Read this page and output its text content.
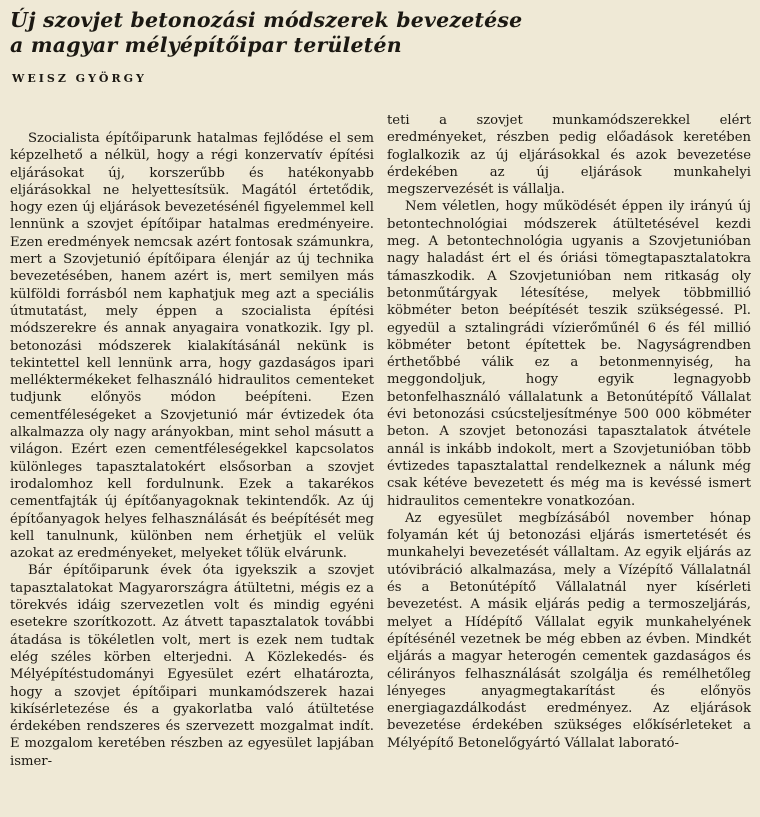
Új szovjet betonozási módszerek bevezetése
a magyar mélyépítőipar területén
WEISZ GYÖRGY

Szocialista építőiparunk hatalmas fejlődése el sem képzelhető a nélkül, hogy a régi konzervatív építési eljárásokat új, korszerűbb és hatékonyabb eljárásokkal ne helyettesítsük. Magától értetődik, hogy ezen új eljárások bevezetésénél figyelemmel kell lennünk a szovjet építőipar hatalmas eredményeire. Ezen eredmények nemcsak azért fontosak számunkra, mert a Szovjetunió építőipara élenjár az új technika bevezetésében, hanem azért is, mert semilyen más külföldi forrásból nem kaphatjuk meg azt a speciális útmutatást, mely éppen a szocialista építési módszerekre és annak anyagaira vonatkozik. Igy pl. betonozási módszerek kialakításánál nekünk is tekintettel kell lennünk arra, hogy gazdaságos ipari melléktermékeket felhasználó hidraulitos cementeket tudjunk előnyös módon beépíteni. Ezen cementféleségeket a Szovjetunió már évtizedek óta alkalmazza oly nagy arányokban, mint sehol másutt a világon. Ezért ezen cementféleségekkel kapcsolatos különleges tapasztalatokért elsősorban a szovjet irodalomhoz kell fordulnunk. Ezek a takarékos cementfajták új építőanyagoknak tekintendők. Az új építőanyagok helyes felhasználását és beépítését meg kell tanulnunk, különben nem érhetjük el velük azokat az eredményeket, melyeket tőlük elvárunk.

Bár építőiparunk évek óta igyekszik a szovjet tapasztalatokat Magyarországra átültetni, mégis ez a törekvés idáig szervezetlen volt és mindig egyéni esetekre szorítkozott. Az átvett tapasztalatok további átadása is tökéletlen volt, mert is ezek nem tudtak elég széles körben elterjedni. A Közlekedés- és Mélyépítéstudományi Egyesület ezért elhatározta, hogy a szovjet építőipari munkamódszerek hazai kikísérletezése és a gyakorlatba való átültetése érdekében rendszeres és szervezett mozgalmat indít. E mozgalom keretében részben az egyesület lapjában ismer-

teti a szovjet munkamódszerekkel elért eredményeket, részben pedig előadások keretében foglalkozik az új eljárásokkal és azok bevezetése érdekében az új eljárások munkahelyi megszervezését is vállalja.

Nem véletlen, hogy működését éppen ily irányú új betontechnológiai módszerek átültetésével kezdi meg. A betontechnológia ugyanis a Szovjetunióban nagy haladást ért el és óriási tömegtapasztalatokra támaszkodik. A Szovjetunióban nem ritkaság oly betonműtárgyak létesítése, melyek többmillió köbméter beton beépítését teszik szükségessé. Pl. egyedül a sztalingrádi vízierőműnél 6 és fél millió köbméter betont építettek be. Nagyságrendben érthetőbbé válik ez a betonmennyiség, ha meggondoljuk, hogy egyik legnagyobb betonfelhasználó vállalatunk a Betonútépítő Vállalat évi betonozási csúcsteljesítménye 500 000 köbméter beton. A szovjet betonozási tapasztalatok átvétele annál is inkább indokolt, mert a Szovjetunióban több évtizedes tapasztalattal rendelkeznek a nálunk még csak kétéve bevezetett és még ma is kevéssé ismert hidraulitos cementekre vonatkozóan.

Az egyesület megbízásából november hónap folyamán két új betonozási eljárás ismertetését és munkahelyi bevezetését vállaltam. Az egyik eljárás az utóvibráció alkalmazása, mely a Vízépítő Vállalatnál és a Betonútépítő Vállalatnál nyer kísérleti bevezetést. A másik eljárás pedig a termoszeljárás, melyet a Hídépítő Vállalat egyik munkahelyének építésénél vezetnek be még ebben az évben. Mindkét eljárás a magyar heterogén cementek gazdaságos és célirányos felhasználását szolgálja és remélhetőleg lényeges anyagmegtakarítást és előnyös energiagazdálkodást eredményez. Az eljárások bevezetése érdekében szükséges előkísérleteket a Mélyépítő Betonelőgyártó Vállalat laborató-
